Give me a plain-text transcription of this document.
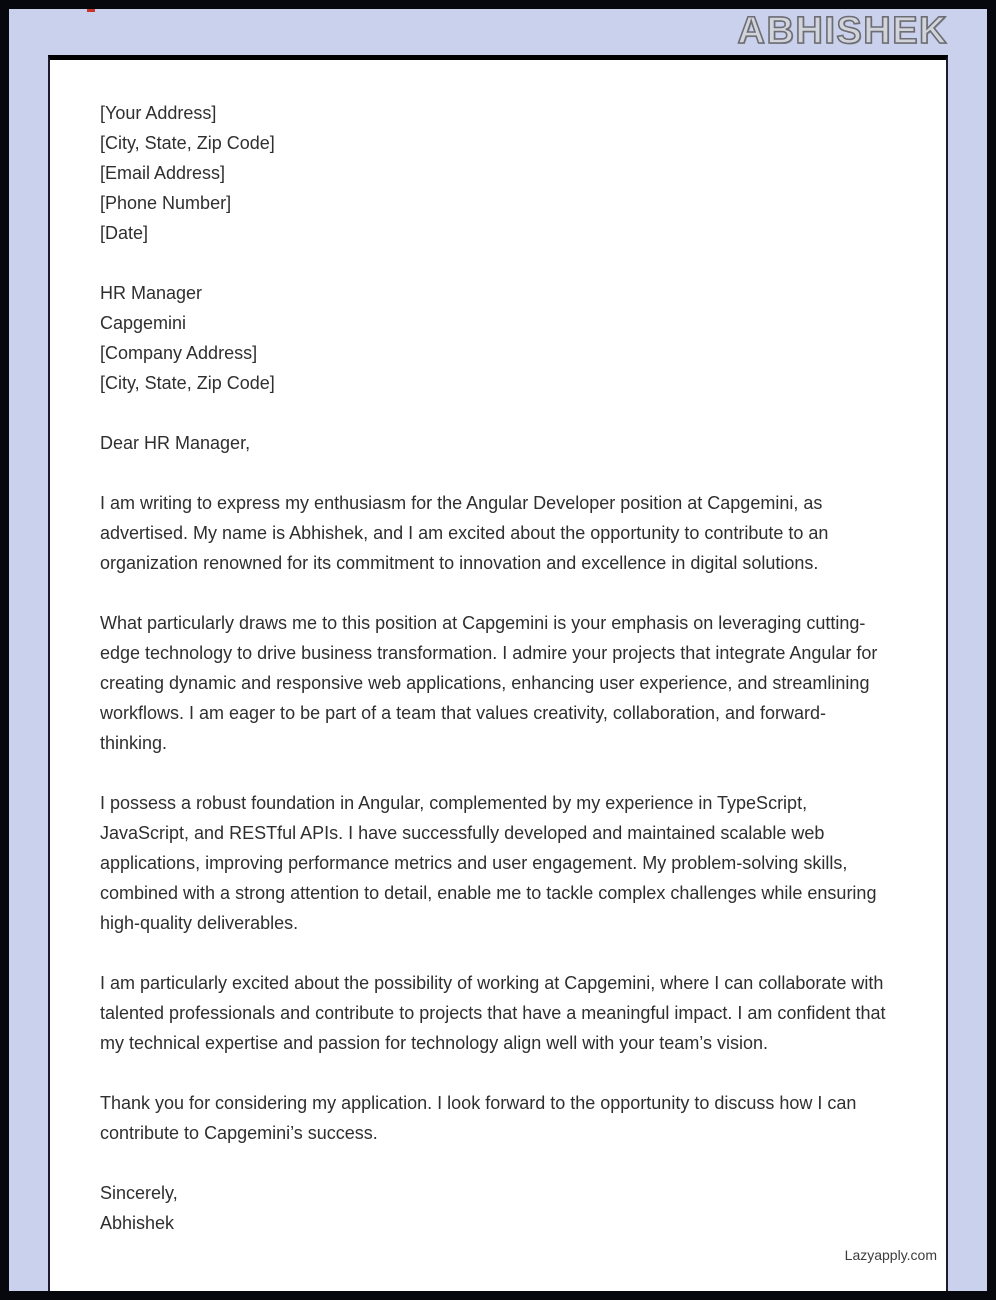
ABHISHEK
[Your Address]
[City, State, Zip Code]
[Email Address]
[Phone Number]
[Date]
HR Manager
Capgemini
[Company Address]
[City, State, Zip Code]

Dear HR Manager,

I am writing to express my enthusiasm for the Angular Developer position at Capgemini, as advertised. My name is Abhishek, and I am excited about the opportunity to contribute to an organization renowned for its commitment to innovation and excellence in digital solutions.

What particularly draws me to this position at Capgemini is your emphasis on leveraging cutting-edge technology to drive business transformation. I admire your projects that integrate Angular for creating dynamic and responsive web applications, enhancing user experience, and streamlining workflows. I am eager to be part of a team that values creativity, collaboration, and forward-thinking.

I possess a robust foundation in Angular, complemented by my experience in TypeScript, JavaScript, and RESTful APIs. I have successfully developed and maintained scalable web applications, improving performance metrics and user engagement. My problem-solving skills, combined with a strong attention to detail, enable me to tackle complex challenges while ensuring high-quality deliverables.

I am particularly excited about the possibility of working at Capgemini, where I can collaborate with talented professionals and contribute to projects that have a meaningful impact. I am confident that my technical expertise and passion for technology align well with your team’s vision.

Thank you for considering my application. I look forward to the opportunity to discuss how I can contribute to Capgemini’s success.

Sincerely,
Abhishek
Lazyapply.com
